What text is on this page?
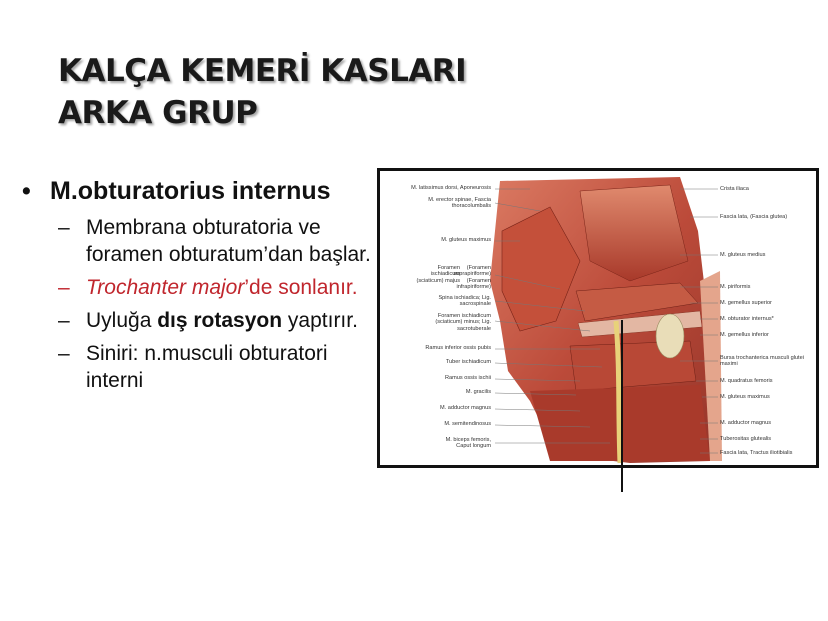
KALÇA KEMERİ KASLARI
ARKA GRUP
• M.obturatorius internus
– Membrana obturatoria ve foramen obturatum’dan başlar.
– Trochanter major’de sonlanır.
– Uyluğa dış rotasyon yaptırır.
– Siniri: n.musculi obturatori interni
M. latissimus dorsi, Aponeurosis
M. erector spinae, Fascia thoracolumbalis
M. gluteus maximus
Foramen ischiadicum (sciaticum) majus
(Foramen suprapiriforme) (Foramen infrapiriforme)
Spina ischiadica; Lig. sacrospinale
Foramen ischiadicum (sciaticum) minus; Lig. sacrotuberale
Ramus inferior ossis pubis
Tuber ischiadicum
Ramus ossis ischii
M. gracilis
M. adductor magnus
M. semitendinosus
M. biceps femoris, Caput longum
Crista iliaca
Fascia lata, (Fascia glutea)
M. gluteus medius
M. piriformis
M. gemellus superior
M. obturator internus*
M. gemellus inferior
Bursa trochanterica musculi glutei maximi
M. quadratus femoris
M. gluteus maximus
M. adductor magnus
Tuberositas glutealis
Fascia lata, Tractus iliotibialis
